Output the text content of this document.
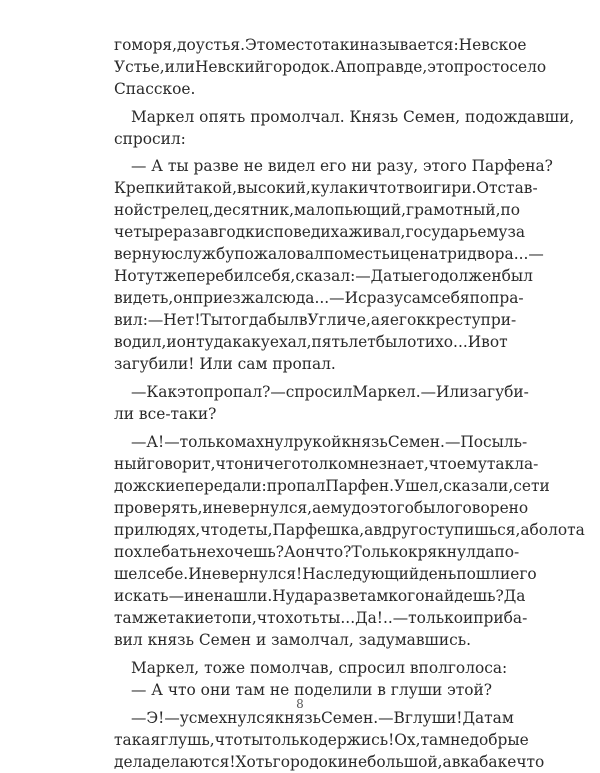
го моря, до устья. Это место так и называется: Невское
Устье, или Невский городок. А по правде, это просто село
Спасское.
Маркел опять промолчал. Князь Семен, подождавши,
спросил:
— А ты разве не видел его ни разу, этого Парфена?
Крепкий такой, высокий, кулаки что твои гири. Отстав-
ной стрелец, десятник, малопьющий, грамотный, по
четыре раза в год к исповеди хаживал, государь ему за
верную службу пожаловал поместьице на три двора... —
Но тут же перебил себя, сказал: — Да ты его должен был
видеть, он приезжал сюда... — И сразу сам себя попра-
вил: — Нет! Ты тогда был в Угличе, а я его к кресту при-
водил, и он туда как уехал, пять лет было тихо... И вот
загубили! Или сам пропал.
— Как это пропал? — спросил Маркел. — Или загуби-
ли все-таки?
— А! — только махнул рукой князь Семен. — Посыль-
ный говорит, что ничего толком не знает, что ему так ла-
дожские передали: пропал Парфен. Ушел, сказали, сети
проверять, и не вернулся, а ему до этого было говорено
при людях, что де ты, Парфешка, а вдруг оступишься, а болота
похлебать не хочешь? А он что? Только крякнул да по-
шел себе. И не вернулся! На следующий день пошли его
искать — и не нашли. Ну да разве там кого найдешь? Да
там же такие топи, что хоть ты... Да!.. — только и приба-
вил князь Семен и замолчал, задумавшись.
Маркел, тоже помолчав, спросил вполголоса:
— А что они там не поделили в глуши этой?
— Э! — усмехнулся князь Семен. — В глуши! Да там
такая глушь, что ты только держись! Ох, там недобрые
дела делаются! Хоть городок и небольшой, а в кабаке что
8
